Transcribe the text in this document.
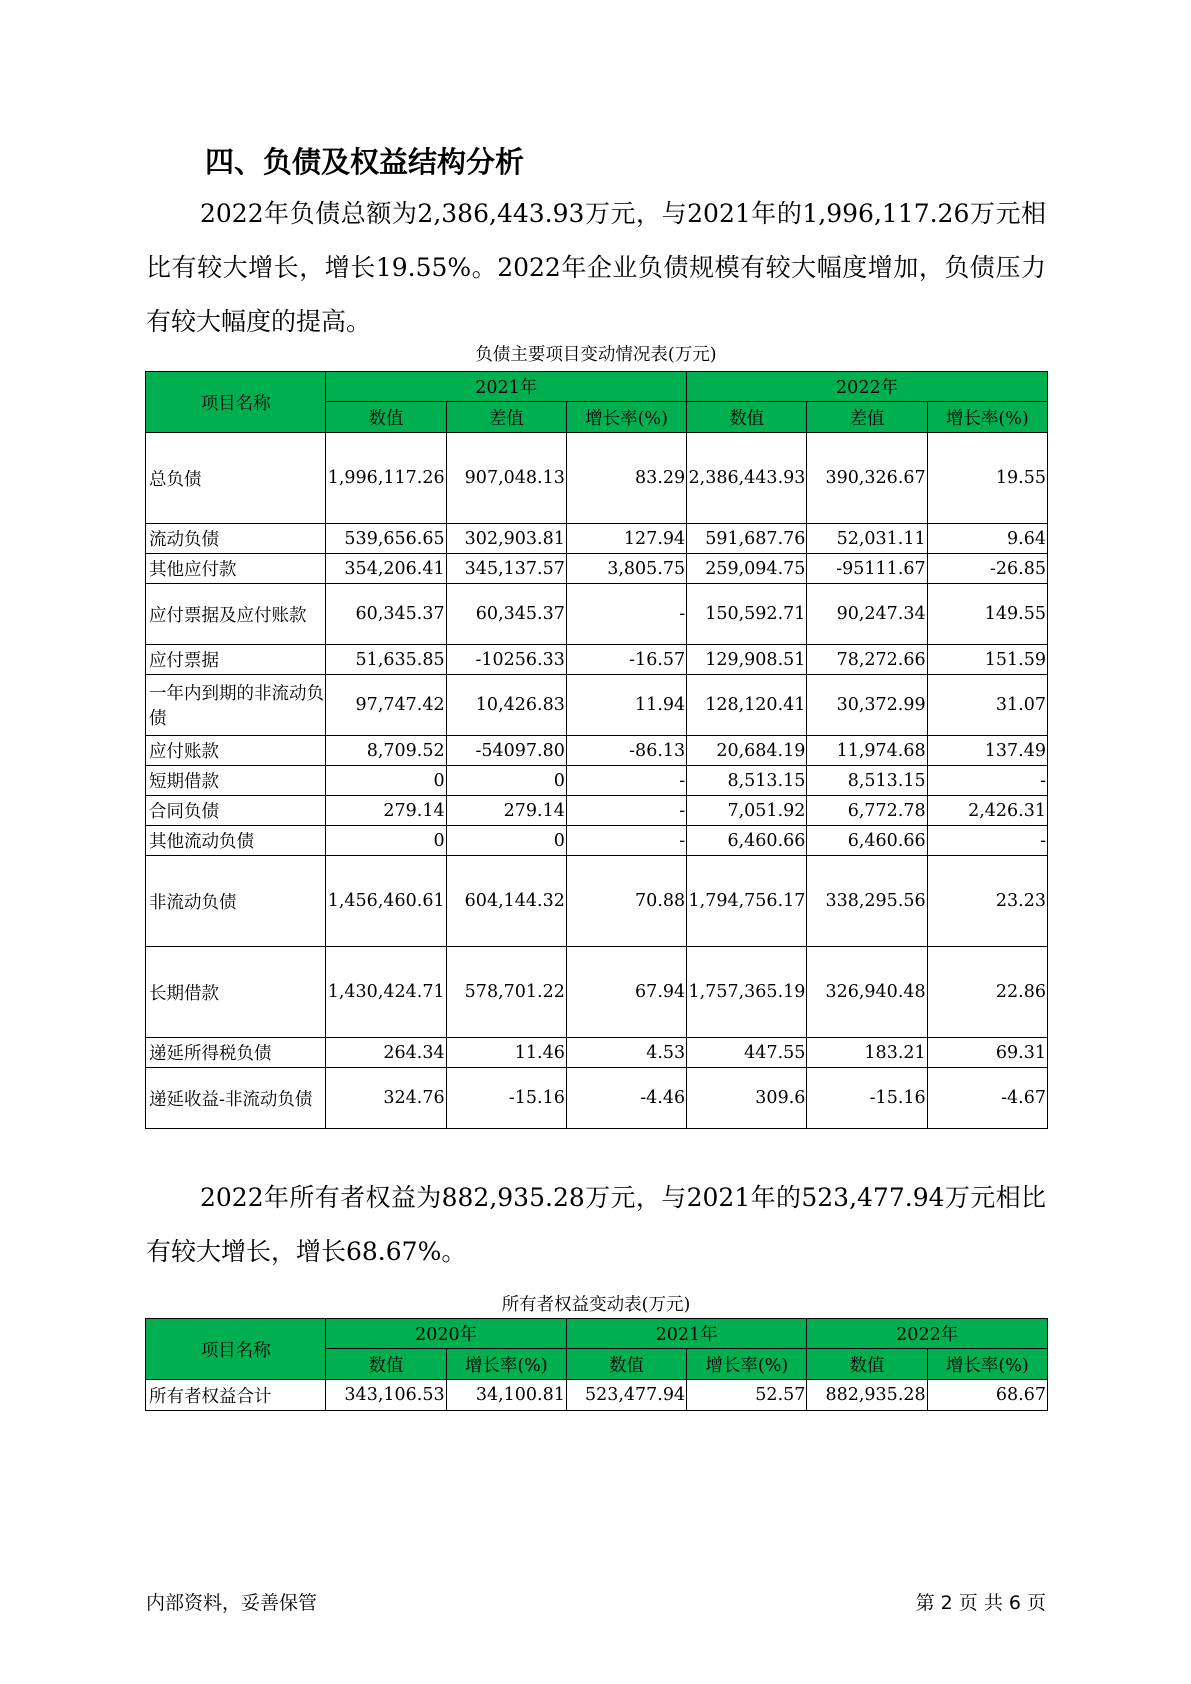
四、负债及权益结构分析
2022年负债总额为2,386,443.93万元，与2021年的1,996,117.26万元相比有较大增长，增长19.55%。2022年企业负债规模有较大幅度增加，负债压力有较大幅度的提高。
负债主要项目变动情况表(万元)
项目名称	2021年			2022年		
	数值	差值	增长率(%)	数值	差值	增长率(%)
总负债	1,996,117.26	907,048.13	83.29	2,386,443.93	390,326.67	19.55
流动负债	539,656.65	302,903.81	127.94	591,687.76	52,031.11	9.64
其他应付款	354,206.41	345,137.57	3,805.75	259,094.75	-95111.67	-26.85
应付票据及应付账款	60,345.37	60,345.37	-	150,592.71	90,247.34	149.55
应付票据	51,635.85	-10256.33	-16.57	129,908.51	78,272.66	151.59
一年内到期的非流动负债	97,747.42	10,426.83	11.94	128,120.41	30,372.99	31.07
应付账款	8,709.52	-54097.80	-86.13	20,684.19	11,974.68	137.49
短期借款	0	0	-	8,513.15	8,513.15	-
合同负债	279.14	279.14	-	7,051.92	6,772.78	2,426.31
其他流动负债	0	0	-	6,460.66	6,460.66	-
非流动负债	1,456,460.61	604,144.32	70.88	1,794,756.17	338,295.56	23.23
长期借款	1,430,424.71	578,701.22	67.94	1,757,365.19	326,940.48	22.86
递延所得税负债	264.34	11.46	4.53	447.55	183.21	69.31
递延收益-非流动负债	324.76	-15.16	-4.46	309.6	-15.16	-4.67
2022年所有者权益为882,935.28万元，与2021年的523,477.94万元相比有较大增长，增长68.67%。
所有者权益变动表(万元)
项目名称	2020年		2021年		2022年	
	数值	增长率(%)	数值	增长率(%)	数值	增长率(%)
所有者权益合计	343,106.53	34,100.81	523,477.94	52.57	882,935.28	68.67
内部资料，妥善保管	第 2 页 共 6 页
